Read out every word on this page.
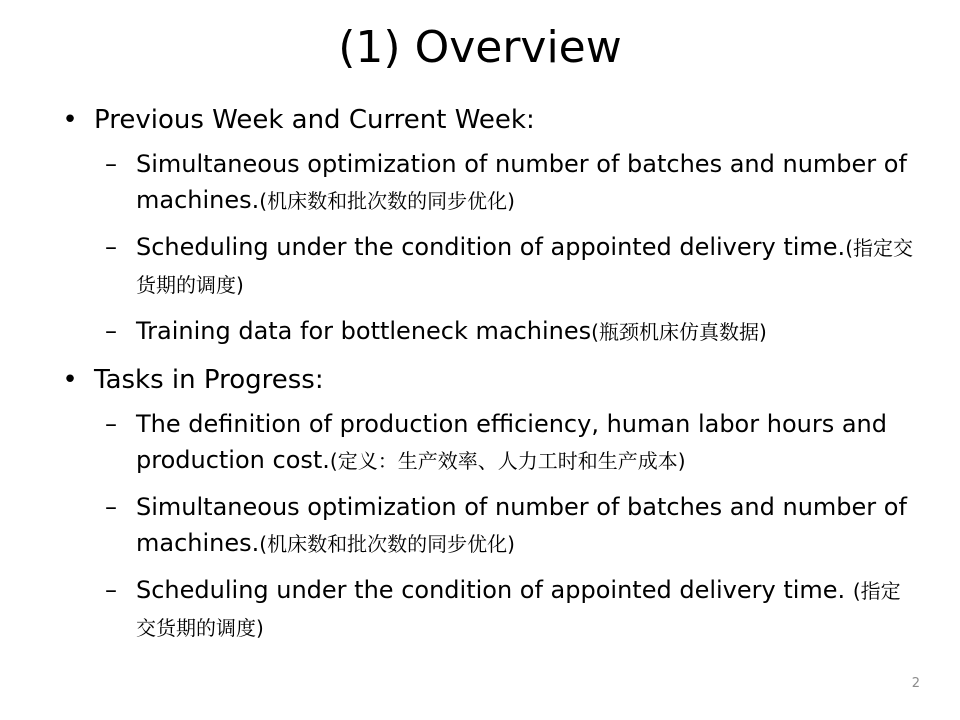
(1) Overview
• Previous Week and Current Week:
– Simultaneous optimization of number of batches and number of machines.(机床数和批次数的同步优化)
– Scheduling under the condition of appointed delivery time.(指定交货期的调度)
– Training data for bottleneck machines(瓶颈机床仿真数据)
• Tasks in Progress:
– The definition of production efficiency, human labor hours and production cost.(定义：生产效率、人力工时和生产成本)
– Simultaneous optimization of number of batches and number of machines.(机床数和批次数的同步优化)
– Scheduling under the condition of appointed delivery time. (指定交货期的调度)
2
